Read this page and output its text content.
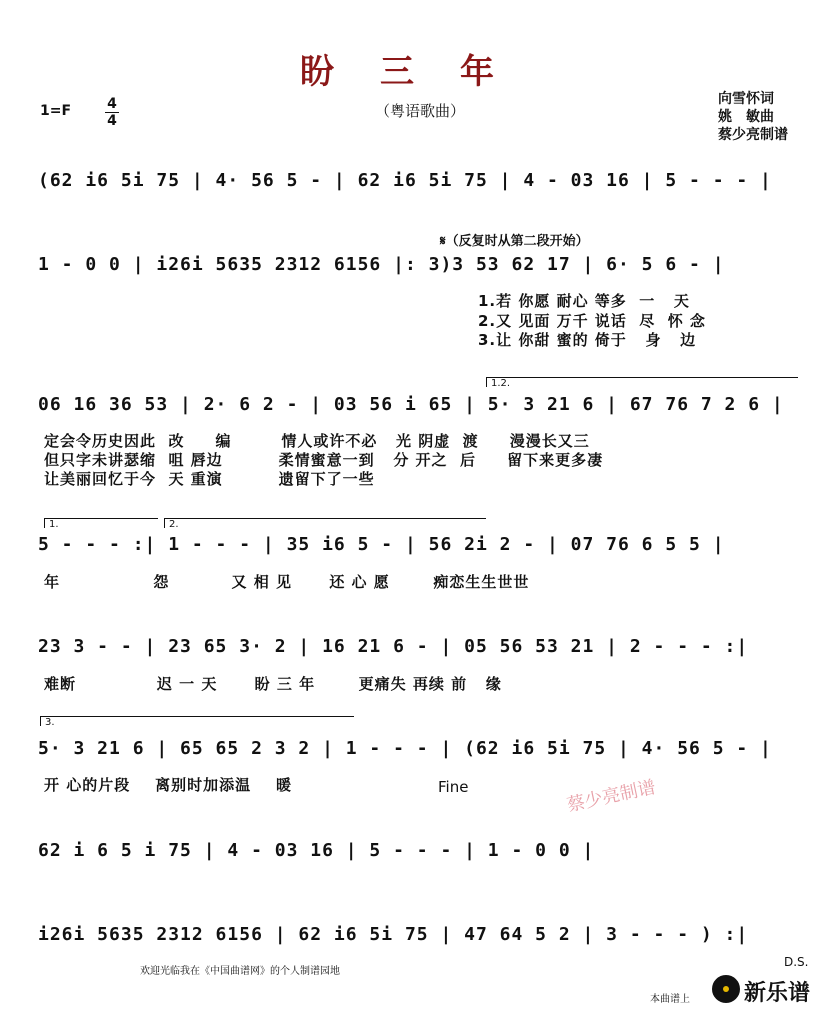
盼三年
（粤语歌曲）
1=F	4
4
向雪怀词
姚　敏曲
蔡少亮制谱
(62 i6 5i 75 | 4· 56 5 - | 62 i6 5i 75 | 4 - 03 16 | 5 - - - |
𝄋（反复时从第二段开始）
1 - 0 0 | i26i 5635 2312 6156 |: 3)3 53 62 17 | 6· 5 6 - |
1.若 你愿 耐心 等多  一   天
2.又 见面 万千 说话  尽  怀 念
3.让 你甜 蜜的 倚于   身   边
1.2.
06 16 36 53 | 2· 6 2 - | 03 56 i 65 | 5· 3 21 6 | 67 76 7 2 6 |
定会令历史因此  改     编        情人或许不必   光 阴虚  渡     漫漫长又三
但只字未讲瑟缩  咀 唇边         柔情蜜意一到   分 开之  后     留下来更多凄
让美丽回忆于今  天 重演         遗留下了一些
1.	2.
5 - - - :| 1 - - - | 35 i6 5 - | 56 2i 2 - | 07 76 6 5 5 |
年               怨          又 相 见      还 心 愿       痴恋生生世世
23 3 - - | 23 65 3· 2 | 16 21 6 - | 05 56 53 21 | 2 - - - :|
难断             迟 一 天      盼 三 年       更痛失 再续 前   缘
3.
5· 3 21 6 | 65 65 2 3 2 | 1 - - - | (62 i6 5i 75 | 4· 56 5 - |
开 心的片段    离别时加添温    暖	Fine	蔡少亮制谱
62 i 6 5 i 75 | 4 - 03 16 | 5 - - - | 1 - 0 0 |
i26i 5635 2312 6156 | 62 i6 5i 75 | 47 64 5 2 | 3 - - - ) :|
D.S.
欢迎光临我在《中国曲谱网》的个人制谱园地
本曲谱上 新乐谱
